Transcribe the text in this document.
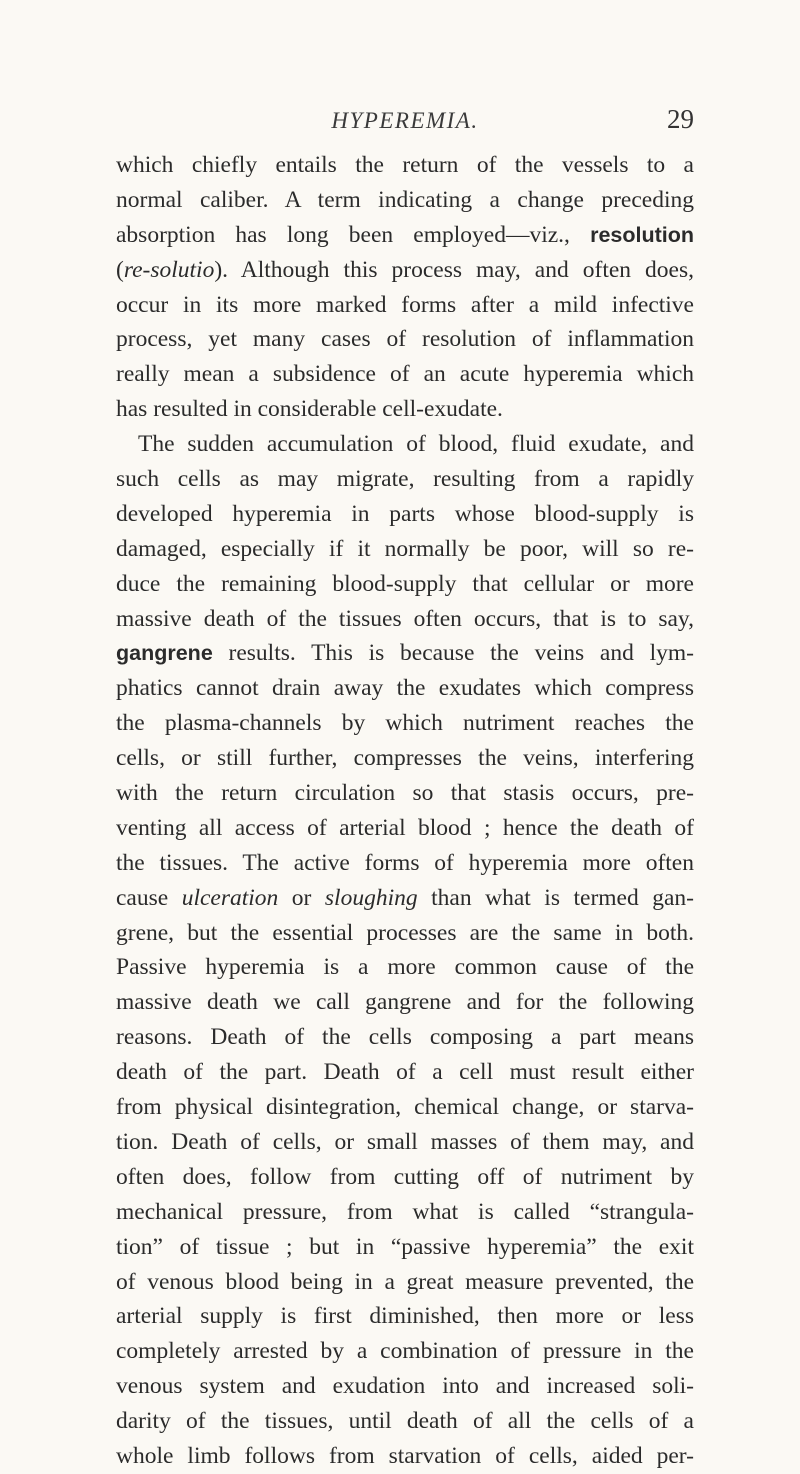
HYPEREMIA.	29
which chiefly entails the return of the vessels to a
normal caliber. A term indicating a change preceding
absorption has long been employed—viz., resolution
(re-solutio). Although this process may, and often does,
occur in its more marked forms after a mild infective
process, yet many cases of resolution of inflammation
really mean a subsidence of an acute hyperemia which
has resulted in considerable cell-exudate.
The sudden accumulation of blood, fluid exudate, and
such cells as may migrate, resulting from a rapidly
developed hyperemia in parts whose blood-supply is
damaged, especially if it normally be poor, will so re-
duce the remaining blood-supply that cellular or more
massive death of the tissues often occurs, that is to say,
gangrene results. This is because the veins and lym-
phatics cannot drain away the exudates which compress
the plasma-channels by which nutriment reaches the
cells, or still further, compresses the veins, interfering
with the return circulation so that stasis occurs, pre-
venting all access of arterial blood ; hence the death of
the tissues. The active forms of hyperemia more often
cause ulceration or sloughing than what is termed gan-
grene, but the essential processes are the same in both.
Passive hyperemia is a more common cause of the
massive death we call gangrene and for the following
reasons. Death of the cells composing a part means
death of the part. Death of a cell must result either
from physical disintegration, chemical change, or starva-
tion. Death of cells, or small masses of them may, and
often does, follow from cutting off of nutriment by
mechanical pressure, from what is called “strangula-
tion” of tissue ; but in “passive hyperemia” the exit
of venous blood being in a great measure prevented, the
arterial supply is first diminished, then more or less
completely arrested by a combination of pressure in the
venous system and exudation into and increased soli-
darity of the tissues, until death of all the cells of a
whole limb follows from starvation of cells, aided per-
